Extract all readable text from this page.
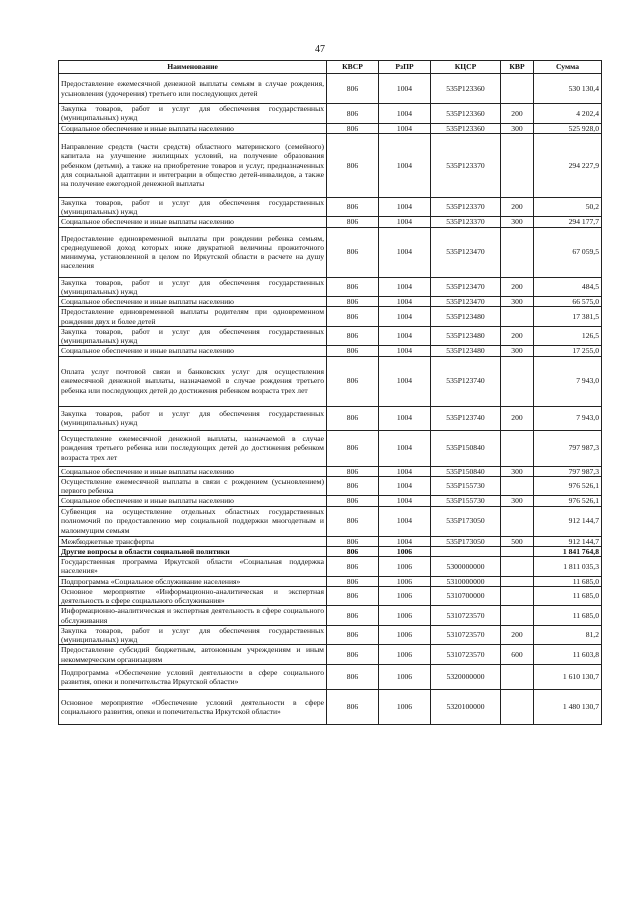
47
Наименование	КВСР	РзПР	КЦСР	КВР	Сумма
Предоставление ежемесячной денежной выплаты семьям в случае рождения, усыновления (удочерения) третьего или последующих детей	806	1004	535Р123360		530 130,4
Закупка товаров, работ и услуг для обеспечения государственных (муниципальных) нужд	806	1004	535Р123360	200	4 202,4
Социальное обеспечение и иные выплаты населению	806	1004	535Р123360	300	525 928,0
Направление средств (части средств) областного материнского (семейного) капитала на улучшение жилищных условий, на получение образования ребенком (детьми), а также на приобретение товаров и услуг, предназначенных для социальной адаптации и интеграции в общество детей-инвалидов, а также на получение ежегодной денежной выплаты	806	1004	535Р123370		294 227,9
Закупка товаров, работ и услуг для обеспечения государственных (муниципальных) нужд	806	1004	535Р123370	200	50,2
Социальное обеспечение и иные выплаты населению	806	1004	535Р123370	300	294 177,7
Предоставление единовременной выплаты при рождении ребенка семьям, среднедушевой доход которых ниже двукратной величины прожиточного минимума, установленной в целом по Иркутской области в расчете на душу населения	806	1004	535Р123470		67 059,5
Закупка товаров, работ и услуг для обеспечения государственных (муниципальных) нужд	806	1004	535Р123470	200	484,5
Социальное обеспечение и иные выплаты населению	806	1004	535Р123470	300	66 575,0
Предоставление единовременной выплаты родителям при одновременном рождении двух и более детей	806	1004	535Р123480		17 381,5
Закупка товаров, работ и услуг для обеспечения государственных (муниципальных) нужд	806	1004	535Р123480	200	126,5
Социальное обеспечение и иные выплаты населению	806	1004	535Р123480	300	17 255,0
Оплата услуг почтовой связи и банковских услуг для осуществления ежемесячной денежной выплаты, назначаемой в случае рождения третьего ребенка или последующих детей до достижения ребенком возраста трех лет	806	1004	535Р123740		7 943,0
Закупка товаров, работ и услуг для обеспечения государственных (муниципальных) нужд	806	1004	535Р123740	200	7 943,0
Осуществление ежемесячной денежной выплаты, назначаемой в случае рождения третьего ребенка или последующих детей до достижения ребенком возраста трех лет	806	1004	535Р150840		797 987,3
Социальное обеспечение и иные выплаты населению	806	1004	535Р150840	300	797 987,3
Осуществление ежемесячной выплаты в связи с рождением (усыновлением) первого ребенка	806	1004	535Р155730		976 526,1
Социальное обеспечение и иные выплаты населению	806	1004	535Р155730	300	976 526,1
Субвенция на осуществление отдельных областных государственных полномочий по предоставлению мер социальной поддержки многодетным и малоимущим семьям	806	1004	535Р173050		912 144,7
Межбюджетные трансферты	806	1004	535Р173050	500	912 144,7
Другие вопросы в области социальной политики	806	1006			1 841 764,8
Государственная программа Иркутской области «Социальная поддержка населения»	806	1006	5300000000		1 811 035,3
Подпрограмма «Социальное обслуживание населения»	806	1006	5310000000		11 685,0
Основное мероприятие «Информационно-аналитическая и экспертная деятельность в сфере социального обслуживания»	806	1006	5310700000		11 685,0
Информационно-аналитическая и экспертная деятельность в сфере социального обслуживания	806	1006	5310723570		11 685,0
Закупка товаров, работ и услуг для обеспечения государственных (муниципальных) нужд	806	1006	5310723570	200	81,2
Предоставление субсидий бюджетным, автономным учреждениям и иным некоммерческим организациям	806	1006	5310723570	600	11 603,8
Подпрограмма «Обеспечение условий деятельности в сфере социального развития, опеки и попечительства Иркутской области»	806	1006	5320000000		1 610 130,7
Основное мероприятие «Обеспечение условий деятельности в сфере социального развития, опеки и попечительства Иркутской области»	806	1006	5320100000		1 480 130,7
